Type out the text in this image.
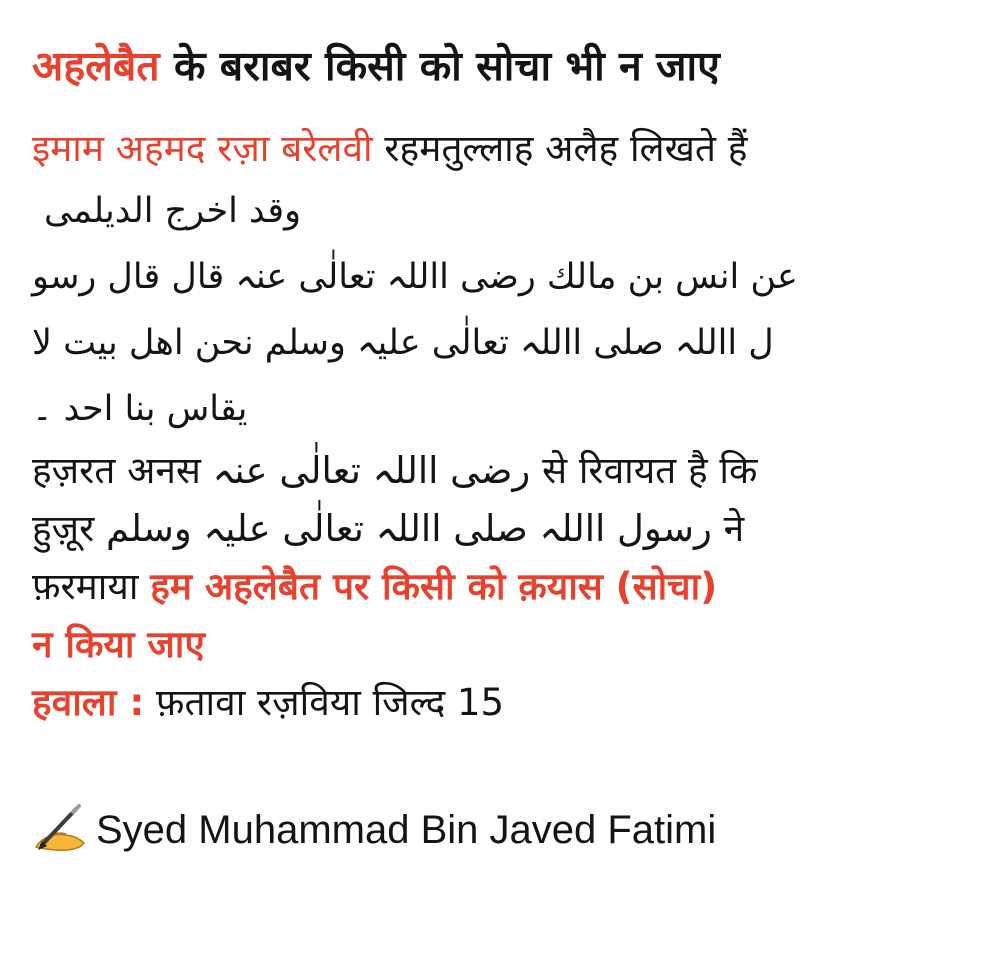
अहलेबैत के बराबर किसी को सोचा भी न जाए
इमाम अहमद रज़ा बरेलवी रहमतुल्लाह अलैह लिखते हैं
وقد اخرج الدیلمی
عن انس بن مالك رضی االلہ تعالٰی عنہ قال قال رسو
ل االلہ صلی االلہ تعالٰی علیہ وسلم نحن اھل بیت لا
یقاس بنا احد ۔
हज़रत अनस رضی االلہ تعالٰی عنہ से रिवायत है कि
हुज़ूर رسول االلہ صلی االلہ تعالٰی علیہ وسلم ने
फ़रमाया हम अहलेबैत पर किसी को क़यास (सोचा)
न किया जाए
हवाला : फ़तावा रज़विया जिल्द 15
Syed Muhammad Bin Javed Fatimi
